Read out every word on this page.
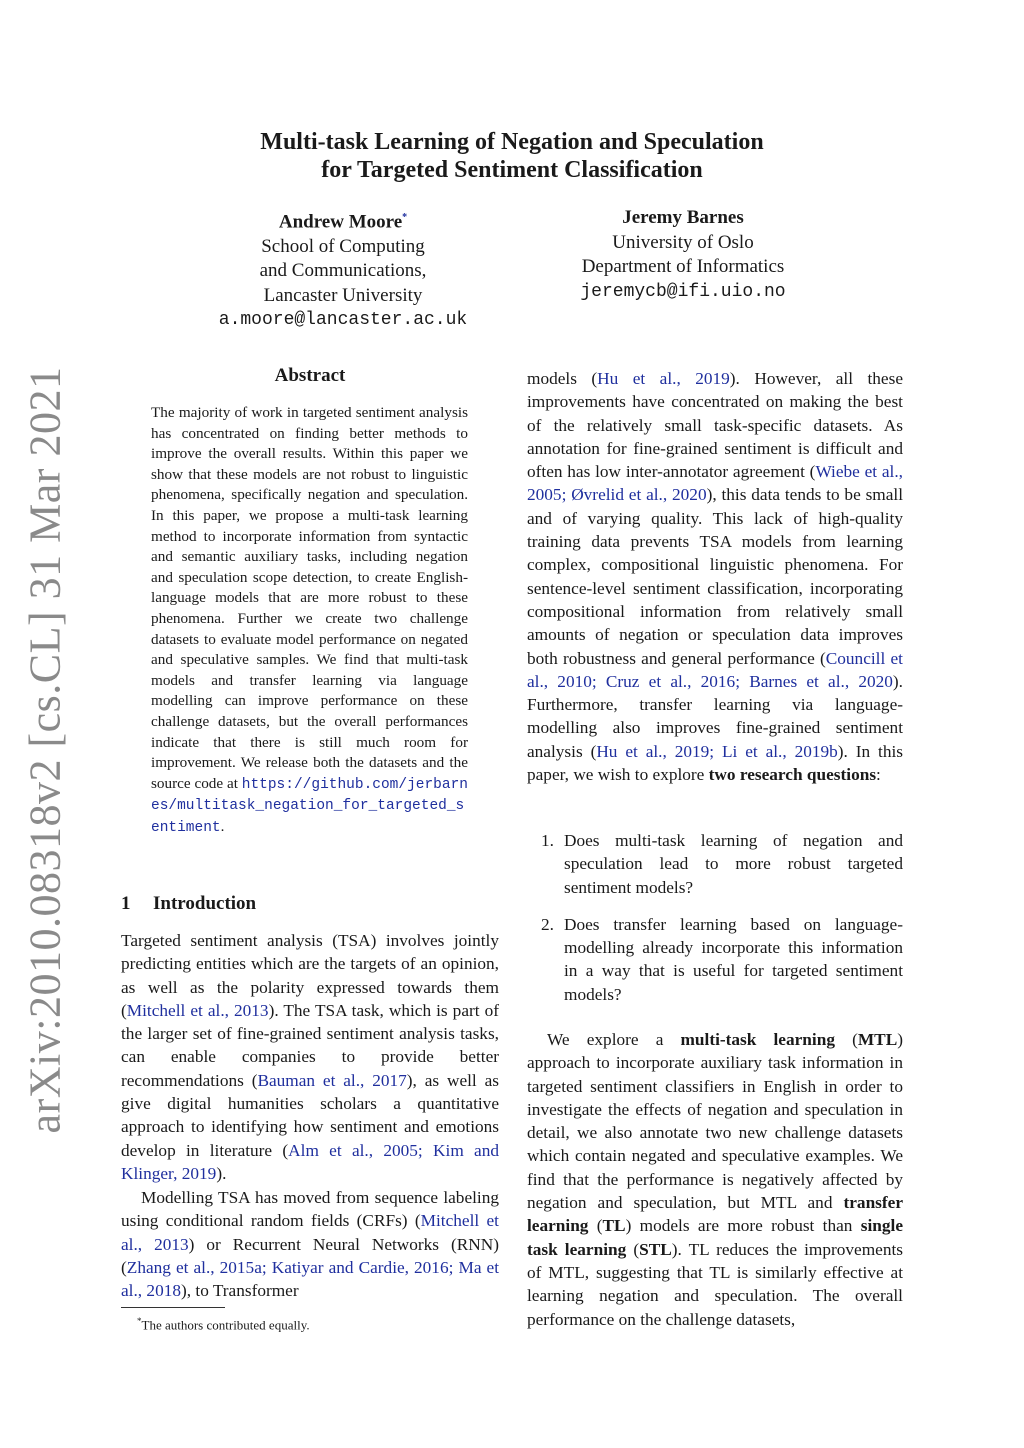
arXiv:2010.08318v2 [cs.CL] 31 Mar 2021
Multi-task Learning of Negation and Speculation
for Targeted Sentiment Classification
Andrew Moore*
School of Computing
and Communications,
Lancaster University
a.moore@lancaster.ac.uk
Jeremy Barnes
University of Oslo
Department of Informatics
jeremycb@ifi.uio.no
Abstract

The majority of work in targeted sentiment analysis has concentrated on finding better methods to improve the overall results. Within this paper we show that these models are not robust to linguistic phenomena, specifically negation and speculation. In this paper, we propose a multi-task learning method to incorporate information from syntactic and semantic auxiliary tasks, including negation and speculation scope detection, to create English-language models that are more robust to these phenomena. Further we create two challenge datasets to evaluate model performance on negated and speculative samples. We find that multi-task models and transfer learning via language modelling can improve performance on these challenge datasets, but the overall performances indicate that there is still much room for improvement. We release both the datasets and the source code at https://github.com/jerbarnes/multitask_negation_for_targeted_sentiment.

1 Introduction

Targeted sentiment analysis (TSA) involves jointly predicting entities which are the targets of an opinion, as well as the polarity expressed towards them (Mitchell et al., 2013). The TSA task, which is part of the larger set of fine-grained sentiment analysis tasks, can enable companies to provide better recommendations (Bauman et al., 2017), as well as give digital humanities scholars a quantitative approach to identifying how sentiment and emotions develop in literature (Alm et al., 2005; Kim and Klinger, 2019).

Modelling TSA has moved from sequence labeling using conditional random fields (CRFs) (Mitchell et al., 2013) or Recurrent Neural Networks (RNN) (Zhang et al., 2015a; Katiyar and Cardie, 2016; Ma et al., 2018), to Transformer

*The authors contributed equally.

models (Hu et al., 2019). However, all these improvements have concentrated on making the best of the relatively small task-specific datasets. As annotation for fine-grained sentiment is difficult and often has low inter-annotator agreement (Wiebe et al., 2005; Øvrelid et al., 2020), this data tends to be small and of varying quality. This lack of high-quality training data prevents TSA models from learning complex, compositional linguistic phenomena. For sentence-level sentiment classification, incorporating compositional information from relatively small amounts of negation or speculation data improves both robustness and general performance (Councill et al., 2010; Cruz et al., 2016; Barnes et al., 2020). Furthermore, transfer learning via language-modelling also improves fine-grained sentiment analysis (Hu et al., 2019; Li et al., 2019b). In this paper, we wish to explore two research questions:

1. Does multi-task learning of negation and speculation lead to more robust targeted sentiment models?
2. Does transfer learning based on language-modelling already incorporate this information in a way that is useful for targeted sentiment models?

We explore a multi-task learning (MTL) approach to incorporate auxiliary task information in targeted sentiment classifiers in English in order to investigate the effects of negation and speculation in detail, we also annotate two new challenge datasets which contain negated and speculative examples. We find that the performance is negatively affected by negation and speculation, but MTL and transfer learning (TL) models are more robust than single task learning (STL). TL reduces the improvements of MTL, suggesting that TL is similarly effective at learning negation and speculation. The overall performance on the challenge datasets,
